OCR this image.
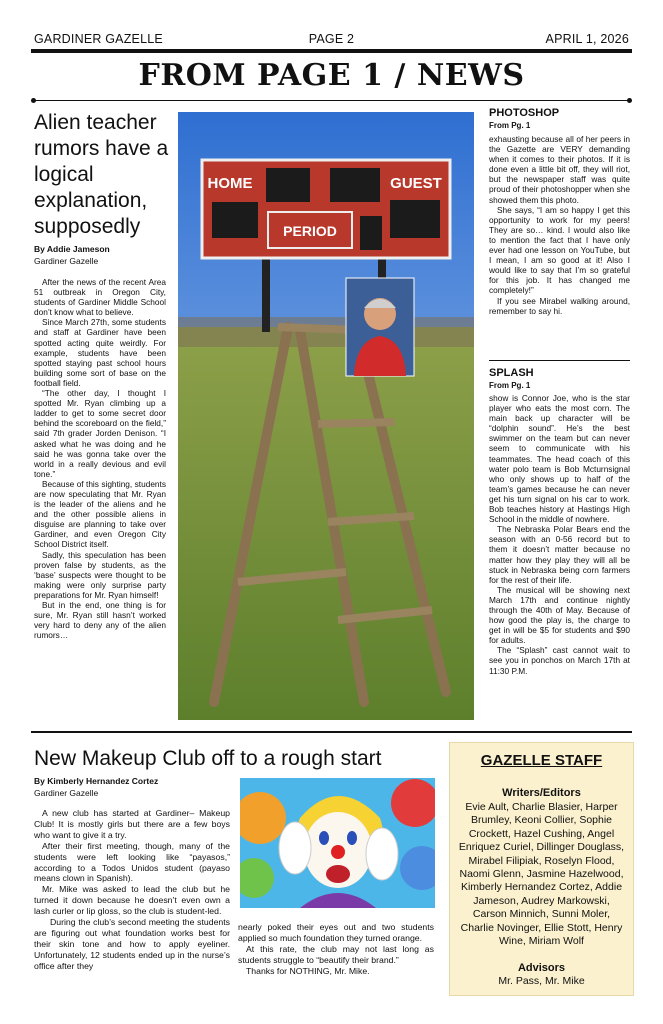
GARDINER GAZELLE	PAGE 2	APRIL 1, 2026
FROM PAGE 1 / NEWS
Alien teacher rumors have a logical explanation, supposedly
By Addie Jameson
Gardiner Gazelle

After the news of the recent Area 51 outbreak in Oregon City, students of Gardiner Middle School don’t know what to believe.

Since March 27th, some students and staff at Gardiner have been spotted acting quite weirdly. For example, students have been spotted staying past school hours building some sort of base on the football field.

“The other day, I thought I spotted Mr. Ryan climbing up a ladder to get to some secret door behind the scoreboard on the field,” said 7th grader Jorden Denison. “I asked what he was doing and he said he was gonna take over the world in a really devious and evil tone.”

Because of this sighting, students are now speculating that Mr. Ryan is the leader of the aliens and he and the other possible aliens in disguise are planning to take over Gardiner, and even Oregon City School District itself.

Sadly, this speculation has been proven false by students, as the ‘base’ suspects were thought to be making were only surprise party preparations for Mr. Ryan himself!

But in the end, one thing is for sure, Mr. Ryan still hasn’t worked very hard to deny any of the alien rumors…

HOME	GUEST
PERIOD
PHOTOSHOP
From Pg. 1

exhausting because all of her peers in the Gazette are VERY demanding when it comes to their photos. If it is done even a little bit off, they will riot, but the newspaper staff was quite proud of their photoshopper when she showed them this photo.

She says, “I am so happy I get this opportunity to work for my peers! They are so… kind. I would also like to mention the fact that I have only ever had one lesson on YouTube, but I mean, I am so good at it! Also I would like to say that I’m so grateful for this job. It has changed me completely!”

If you see Mirabel walking around, remember to say hi.

SPLASH
From Pg. 1

show is Connor Joe, who is the star player who eats the most corn. The main back up character will be “dolphin sound”. He’s the best swimmer on the team but can never seem to communicate with his teammates. The head coach of this water polo team is Bob Mcturnsignal who only shows up to half of the team’s games because he can never get his turn signal on his car to work. Bob teaches history at Hastings High School in the middle of nowhere.

The Nebraska Polar Bears end the season with an 0-56 record but to them it doesn’t matter because no matter how they play they will all be stuck in Nebraska being corn farmers for the rest of their life.

The musical will be showing next March 17th and continue nightly through the 40th of May. Because of how good the play is, the charge to get in will be $5 for students and $90 for adults.

The “Splash” cast cannot wait to see you in ponchos on March 17th at 11:30 P.M.

New Makeup Club off to a rough start
By Kimberly Hernandez Cortez
Gardiner Gazelle

A new club has started at Gardiner– Makeup Club! It is mostly girls but there are a few boys who want to give it a try.

After their first meeting, though, many of the students were left looking like “payasos,” according to a Todos Unidos student (payaso means clown in Spanish).

Mr. Mike was asked to lead the club but he turned it down because he doesn’t even own a lash curler or lip gloss, so the club is student-led.

During the club’s second meeting the students are figuring out what foundation works best for their skin tone and how to apply eyeliner. Unfortunately, 12 students ended up in the nurse’s office after they

nearly poked their eyes out and two students applied so much foundation they turned orange.

At this rate, the club may not last long as students struggle to “beautify their brand.”

Thanks for NOTHING, Mr. Mike.

GAZELLE STAFF
Writers/Editors
Evie Ault, Charlie Blasier, Harper Brumley, Keoni Collier, Sophie Crockett, Hazel Cushing, Angel Enriquez Curiel, Dillinger Douglass, Mirabel Filipiak, Roselyn Flood, Naomi Glenn, Jasmine Hazelwood, Kimberly Hernandez Cortez, Addie Jameson, Audrey Markowski, Carson Minnich, Sunni Moler, Charlie Novinger, Ellie Stott, Henry Wine, Miriam Wolf
Advisors
Mr. Pass, Mr. Mike
